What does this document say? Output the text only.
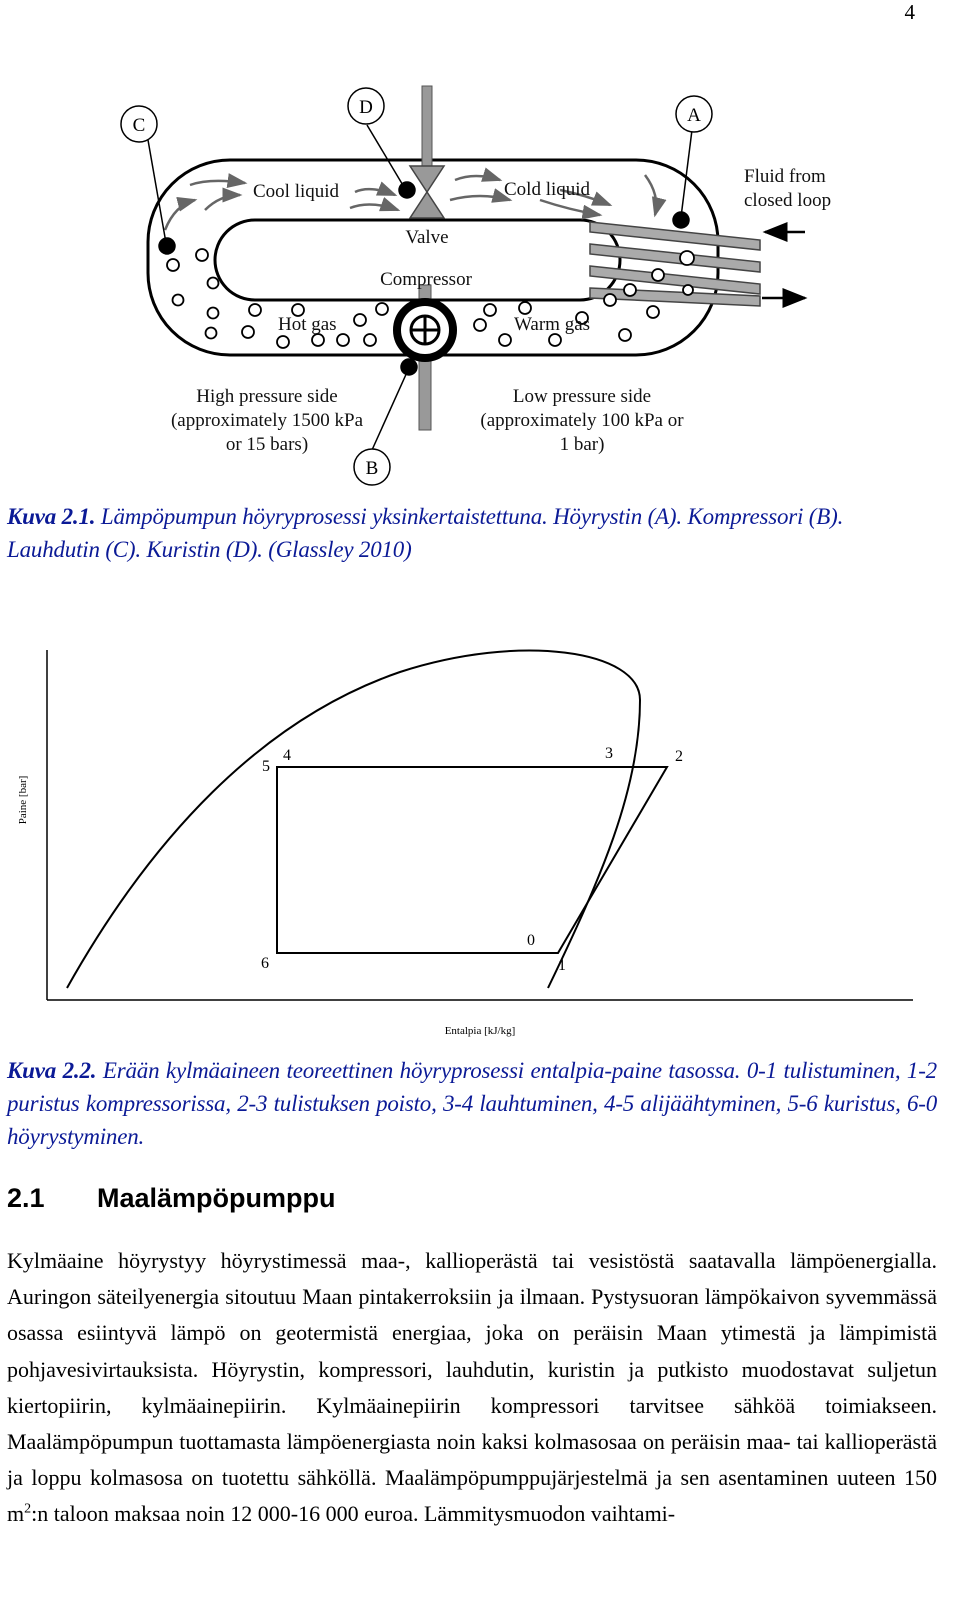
4
A
B
C
D
Cool liquid
Valve
Cold liquid
Fluid from
closed loop
Compressor
Hot gas	Warm gas
High pressure side
(approximately 1500 kPa
or 15 bars)
Low pressure side
(approximately 100 kPa or
1 bar)
Kuva 2.1. Lämpöpumpun höyryprosessi yksinkertaistettuna. Höyrystin (A). Kompressori (B). Lauhdutin (C). Kuristin (D). (Glassley 2010)
5
4	3	2
0
1
6
Paine [bar]
Entalpia [kJ/kg]
Kuva 2.2. Erään kylmäaineen teoreettinen höyryprosessi entalpia-paine tasossa. 0-1 tulistuminen, 1-2 puristus kompressorissa, 2-3 tulistuksen poisto, 3-4 lauhtuminen, 4-5 alijäähtyminen, 5-6 kuristus, 6-0 höyrystyminen.
2.1 Maalämpöpumppu
Kylmäaine höyrystyy höyrystimessä maa-, kallioperästä tai vesistöstä saatavalla lämpöenergialla. Auringon säteilyenergia sitoutuu Maan pintakerroksiin ja ilmaan. Pystysuoran lämpökaivon syvemmässä osassa esiintyvä lämpö on geotermistä energiaa, joka on peräisin Maan ytimestä ja lämpimistä pohjavesivirtauksista. Höyrystin, kompressori, lauhdutin, kuristin ja putkisto muodostavat suljetun kiertopiirin, kylmäainepiirin. Kylmäainepiirin kompressori tarvitsee sähköä toimiakseen. Maalämpöpumpun tuottamasta lämpöenergiasta noin kaksi kolmasosaa on peräisin maa- tai kallioperästä ja loppu kolmasosa on tuotettu sähköllä. Maalämpöpumppujärjestelmä ja sen asentaminen uuteen 150 $m^2:n$ taloon maksaa noin 12 000-16 000 euroa. Lämmitysmuodon vaihtami-
